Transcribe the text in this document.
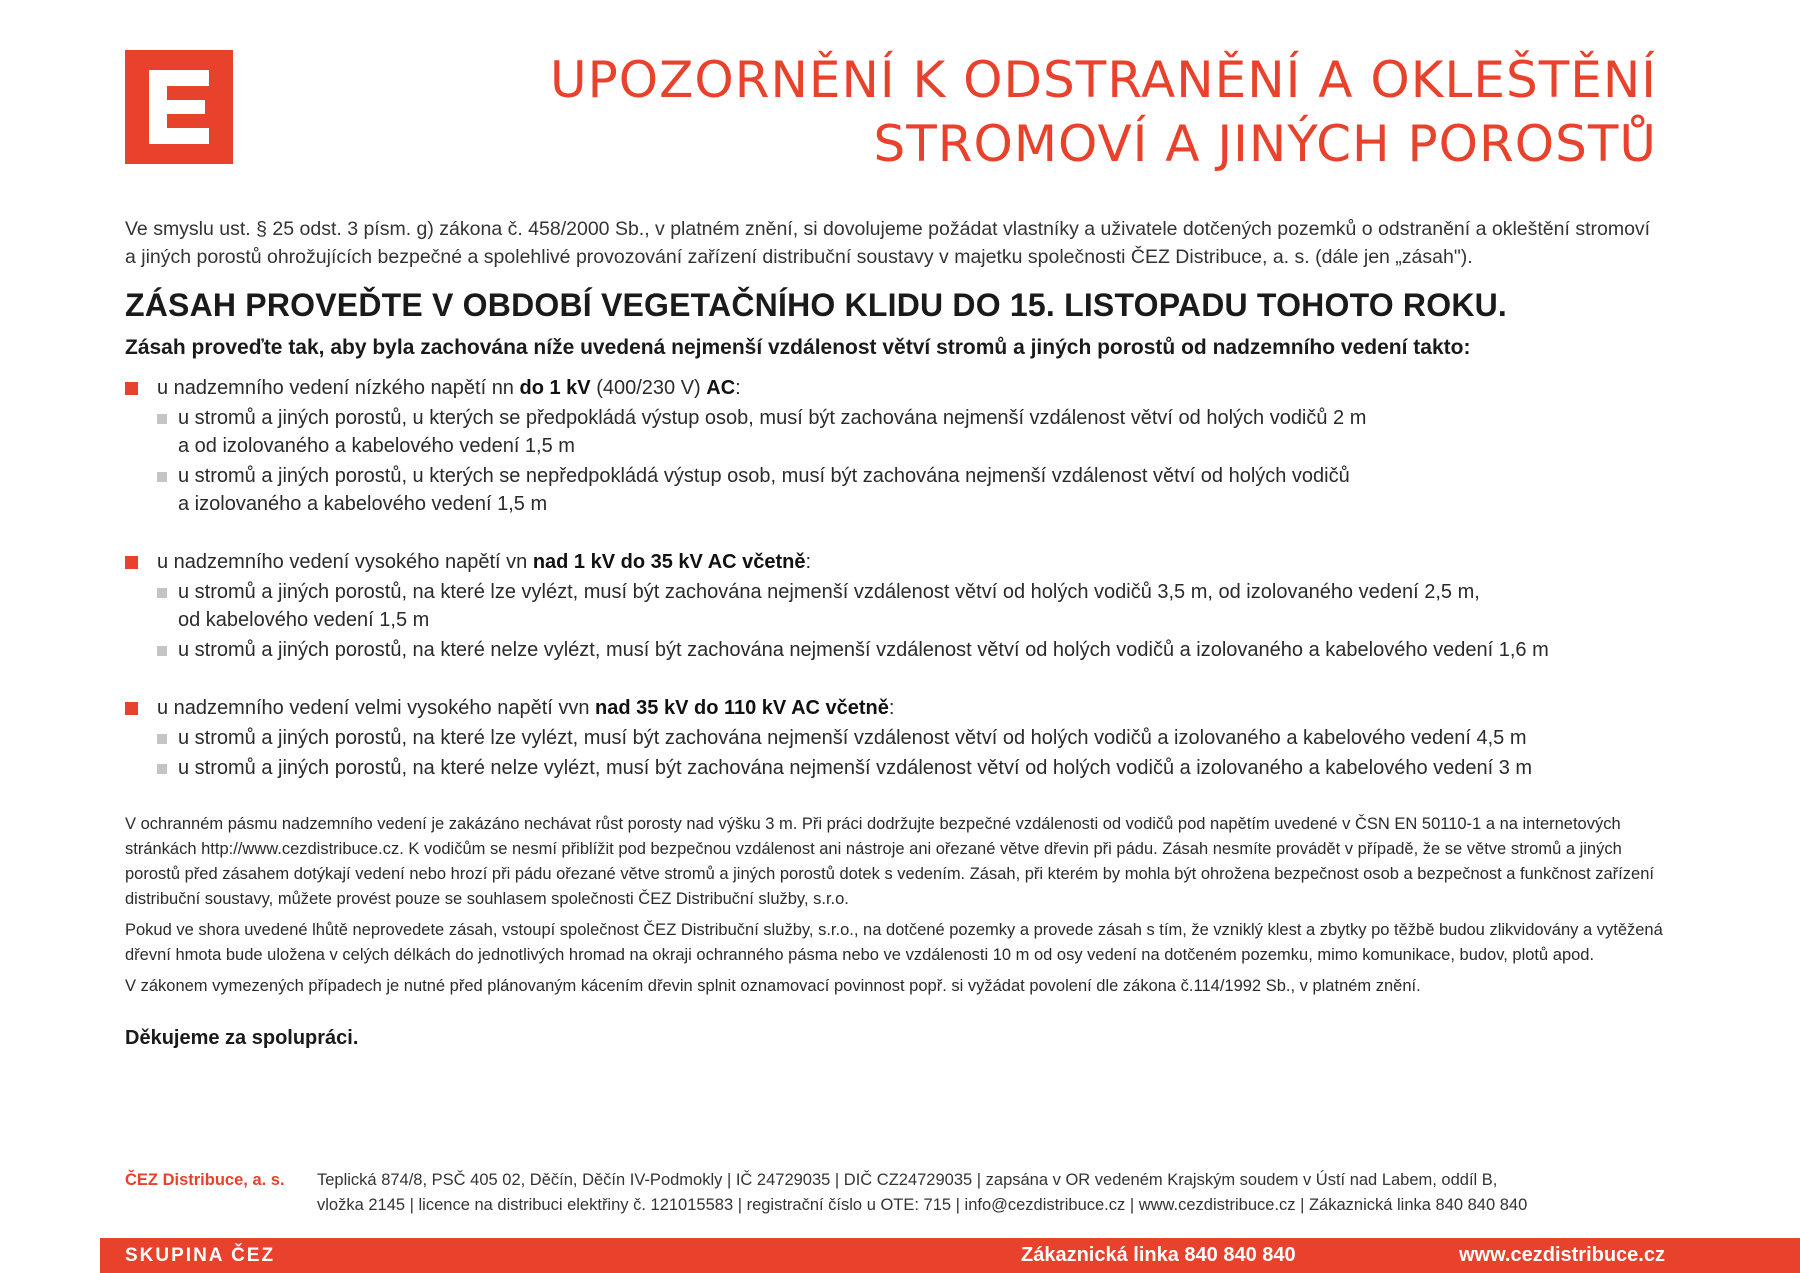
UPOZORNĚNÍ K ODSTRANĚNÍ A OKLEŠTĚNÍ
STROMOVÍ A JINÝCH POROSTŮ

Ve smyslu ust. § 25 odst. 3 písm. g) zákona č. 458/2000 Sb., v platném znění, si dovolujeme požádat vlastníky a uživatele dotčených pozemků o odstranění a okleštění stromoví a jiných porostů ohrožujících bezpečné a spolehlivé provozování zařízení distribuční soustavy v majetku společnosti ČEZ Distribuce, a. s. (dále jen „zásah").

ZÁSAH PROVEĎTE V OBDOBÍ VEGETAČNÍHO KLIDU DO 15. LISTOPADU TOHOTO ROKU.
Zásah proveďte tak, aby byla zachována níže uvedená nejmenší vzdálenost větví stromů a jiných porostů od nadzemního vedení takto:
u nadzemního vedení nízkého napětí nn do 1 kV (400/230 V) AC:
u stromů a jiných porostů, u kterých se předpokládá výstup osob, musí být zachována nejmenší vzdálenost větví od holých vodičů 2 m
a od izolovaného a kabelového vedení 1,5 m
u stromů a jiných porostů, u kterých se nepředpokládá výstup osob, musí být zachována nejmenší vzdálenost větví od holých vodičů
a izolovaného a kabelového vedení 1,5 m
u nadzemního vedení vysokého napětí vn nad 1 kV do 35 kV AC včetně:
u stromů a jiných porostů, na které lze vylézt, musí být zachována nejmenší vzdálenost větví od holých vodičů 3,5 m, od izolovaného vedení 2,5 m,
od kabelového vedení 1,5 m
u stromů a jiných porostů, na které nelze vylézt, musí být zachována nejmenší vzdálenost větví od holých vodičů a izolovaného a kabelového vedení 1,6 m
u nadzemního vedení velmi vysokého napětí vvn nad 35 kV do 110 kV AC včetně:
u stromů a jiných porostů, na které lze vylézt, musí být zachována nejmenší vzdálenost větví od holých vodičů a izolovaného a kabelového vedení 4,5 m
u stromů a jiných porostů, na které nelze vylézt, musí být zachována nejmenší vzdálenost větví od holých vodičů a izolovaného a kabelového vedení 3 m

V ochranném pásmu nadzemního vedení je zakázáno nechávat růst porosty nad výšku 3 m. Při práci dodržujte bezpečné vzdálenosti od vodičů pod napětím uvedené v ČSN EN 50110-1 a na internetových stránkách http://www.cezdistribuce.cz. K vodičům se nesmí přiblížit pod bezpečnou vzdálenost ani nástroje ani ořezané větve dřevin při pádu. Zásah nesmíte provádět v případě, že se větve stromů a jiných porostů před zásahem dotýkají vedení nebo hrozí při pádu ořezané větve stromů a jiných porostů dotek s vedením. Zásah, při kterém by mohla být ohrožena bezpečnost osob a bezpečnost a funkčnost zařízení distribuční soustavy, můžete provést pouze se souhlasem společnosti ČEZ Distribuční služby, s.r.o.

Pokud ve shora uvedené lhůtě neprovedete zásah, vstoupí společnost ČEZ Distribuční služby, s.r.o., na dotčené pozemky a provede zásah s tím, že vzniklý klest a zbytky po těžbě budou zlikvidovány a vytěžená dřevní hmota bude uložena v celých délkách do jednotlivých hromad na okraji ochranného pásma nebo ve vzdálenosti 10 m od osy vedení na dotčeném pozemku, mimo komunikace, budov, plotů apod.

V zákonem vymezených případech je nutné před plánovaným kácením dřevin splnit oznamovací povinnost popř. si vyžádat povolení dle zákona č.114/1992 Sb., v platném znění.

Děkujeme za spolupráci.

ČEZ Distribuce, a. s. Teplická 874/8, PSČ 405 02, Děčín, Děčín IV-Podmokly | IČ 24729035 | DIČ CZ24729035 | zapsána v OR vedeném Krajským soudem v Ústí nad Labem, oddíl B,
vložka 2145 | licence na distribuci elektřiny č. 121015583 | registrační číslo u OTE: 715 | info@cezdistribuce.cz | www.cezdistribuce.cz | Zákaznická linka 840 840 840
SKUPINA ČEZ	Zákaznická linka 840 840 840	www.cezdistribuce.cz
